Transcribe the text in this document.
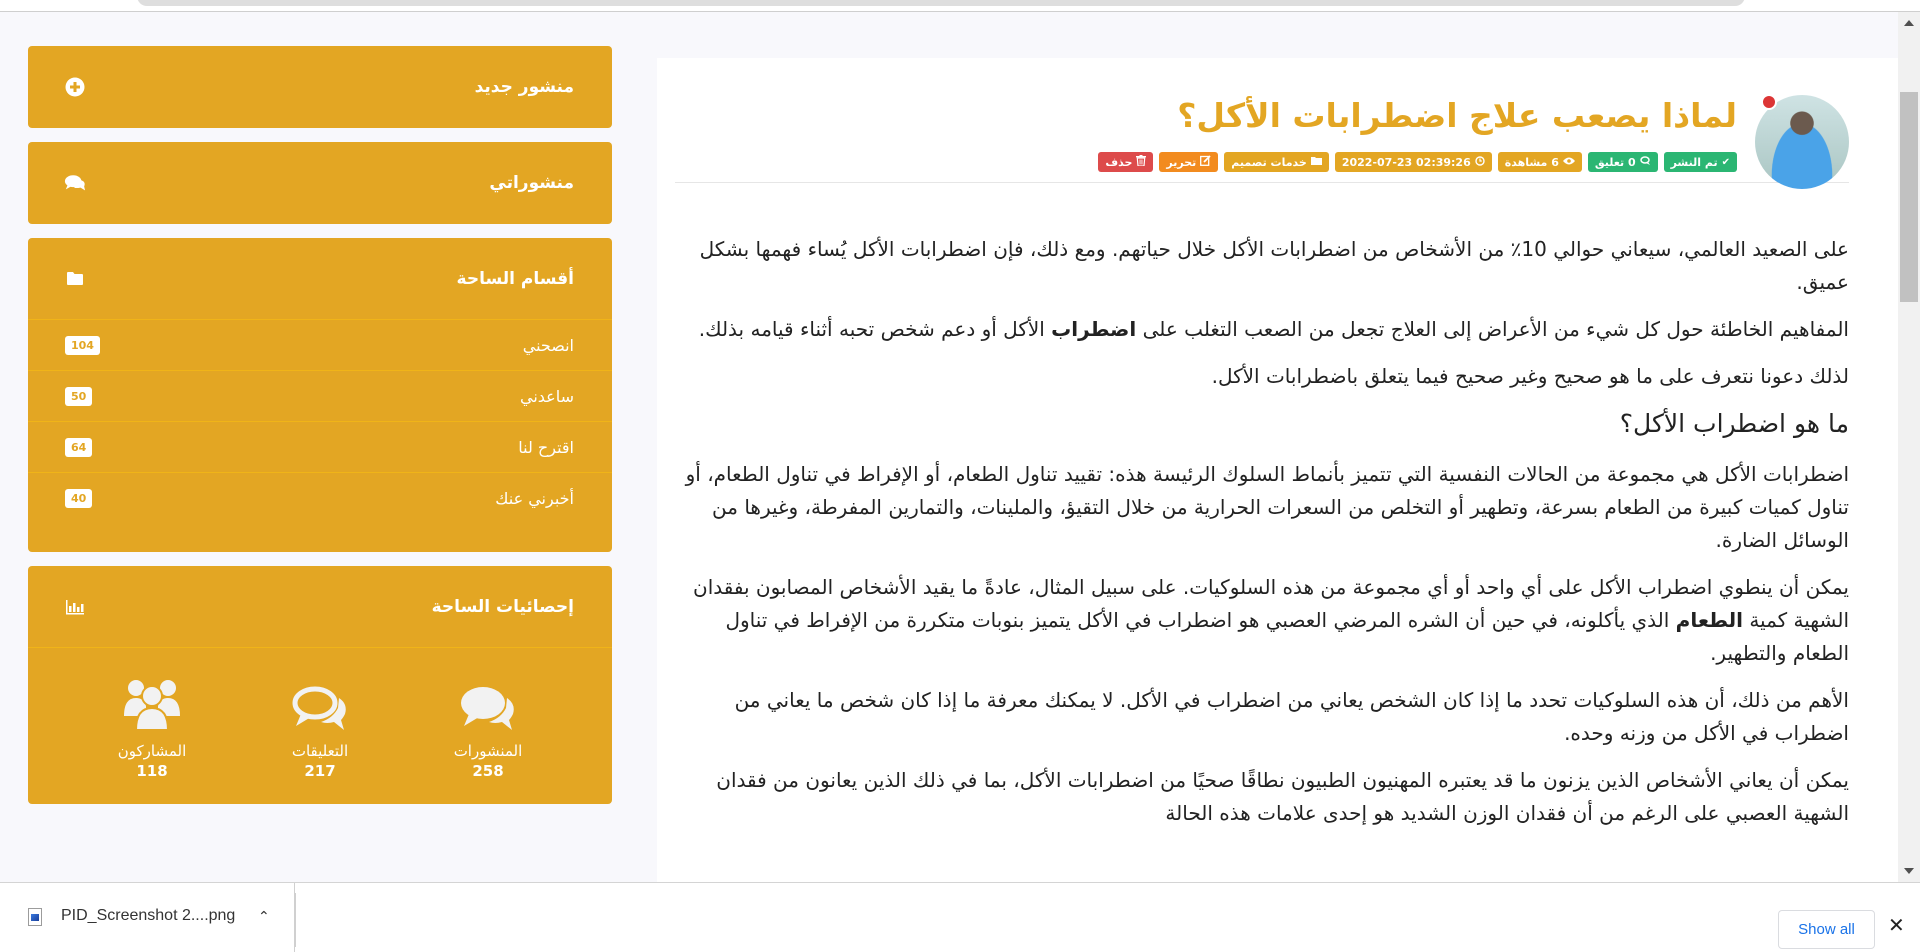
منشور جديد
منشوراتي
أقسام الساحة
انصحني
104
ساعدني
50
اقترح لنا
64
أخبرني عنك
40
إحصائيات الساحة
المنشورات
258
التعليقات
217
المشاركون
118
لماذا يصعب علاج اضطرابات الأكل؟
✔
تم النشر
0 تعليق
6 مشاهدة
2022-07-23 02:39:26
خدمات تصميم
تحرير
حذف

على الصعيد العالمي، سيعاني حوالي 10٪ من الأشخاص من اضطرابات الأكل خلال حياتهم. ومع ذلك، فإن اضطرابات الأكل يُساء فهمها بشكل عميق.

المفاهيم الخاطئة حول كل شيء من الأعراض إلى العلاج تجعل من الصعب التغلب على اضطراب الأكل أو دعم شخص تحبه أثناء قيامه بذلك.

لذلك دعونا نتعرف على ما هو صحيح وغير صحيح فيما يتعلق باضطرابات الأكل.

ما هو اضطراب الأكل؟

اضطرابات الأكل هي مجموعة من الحالات النفسية التي تتميز بأنماط السلوك الرئيسة هذه: تقييد تناول الطعام، أو الإفراط في تناول الطعام، أو تناول كميات كبيرة من الطعام بسرعة، وتطهير أو التخلص من السعرات الحرارية من خلال التقيؤ، والملينات، والتمارين المفرطة، وغيرها من الوسائل الضارة.

يمكن أن ينطوي اضطراب الأكل على أي واحد أو أي مجموعة من هذه السلوكيات. على سبيل المثال، عادةً ما يقيد الأشخاص المصابون بفقدان الشهية كمية الطعام الذي يأكلونه، في حين أن الشره المرضي العصبي هو اضطراب في الأكل يتميز بنوبات متكررة من الإفراط في تناول الطعام والتطهير.

الأهم من ذلك، أن هذه السلوكيات تحدد ما إذا كان الشخص يعاني من اضطراب في الأكل. لا يمكنك معرفة ما إذا كان شخص ما يعاني من اضطراب في الأكل من وزنه وحده.

يمكن أن يعاني الأشخاص الذين يزنون ما قد يعتبره المهنيون الطبيون نطاقًا صحيًا من اضطرابات الأكل، بما في ذلك الذين يعانون من فقدان الشهية العصبي على الرغم من أن فقدان الوزن الشديد هو إحدى علامات هذه الحالة

PID_Screenshot 2....png ⌃
Show all	✕
